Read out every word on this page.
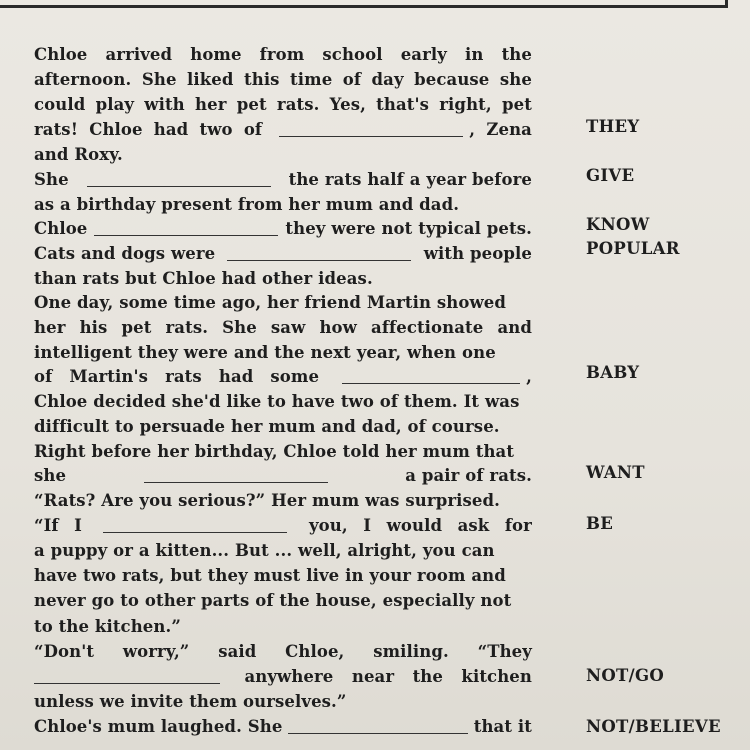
Chloe arrived home from school early in the
afternoon. She liked this time of day because she
could play with her pet rats. Yes, that's right, pet
rats! Chloe had two of	, Zena
and Roxy.
She	the rats half a year before
as a birthday present from her mum and dad.
Chloe	they were not typical pets.
Cats and dogs were	with people
than rats but Chloe had other ideas.
One day, some time ago, her friend Martin showed
her his pet rats. She saw how affectionate and
intelligent they were and the next year, when one
of Martin's rats had some	,
Chloe decided she'd like to have two of them. It was
difficult to persuade her mum and dad, of course.
Right before her birthday, Chloe told her mum that
she	a pair of rats.
“Rats? Are you serious?” Her mum was surprised.
“If I	you, I would ask for
a puppy or a kitten... But ... well, alright, you can
have two rats, but they must live in your room and
never go to other parts of the house, especially not
to the kitchen.”
“Don't worry,” said Chloe, smiling. “They
anywhere near the kitchen
unless we invite them ourselves.”
Chloe's mum laughed. She	that it
THEY
GIVE
KNOW
POPULAR
BABY
WANT
BE
NOT/GO
NOT/BELIEVE
